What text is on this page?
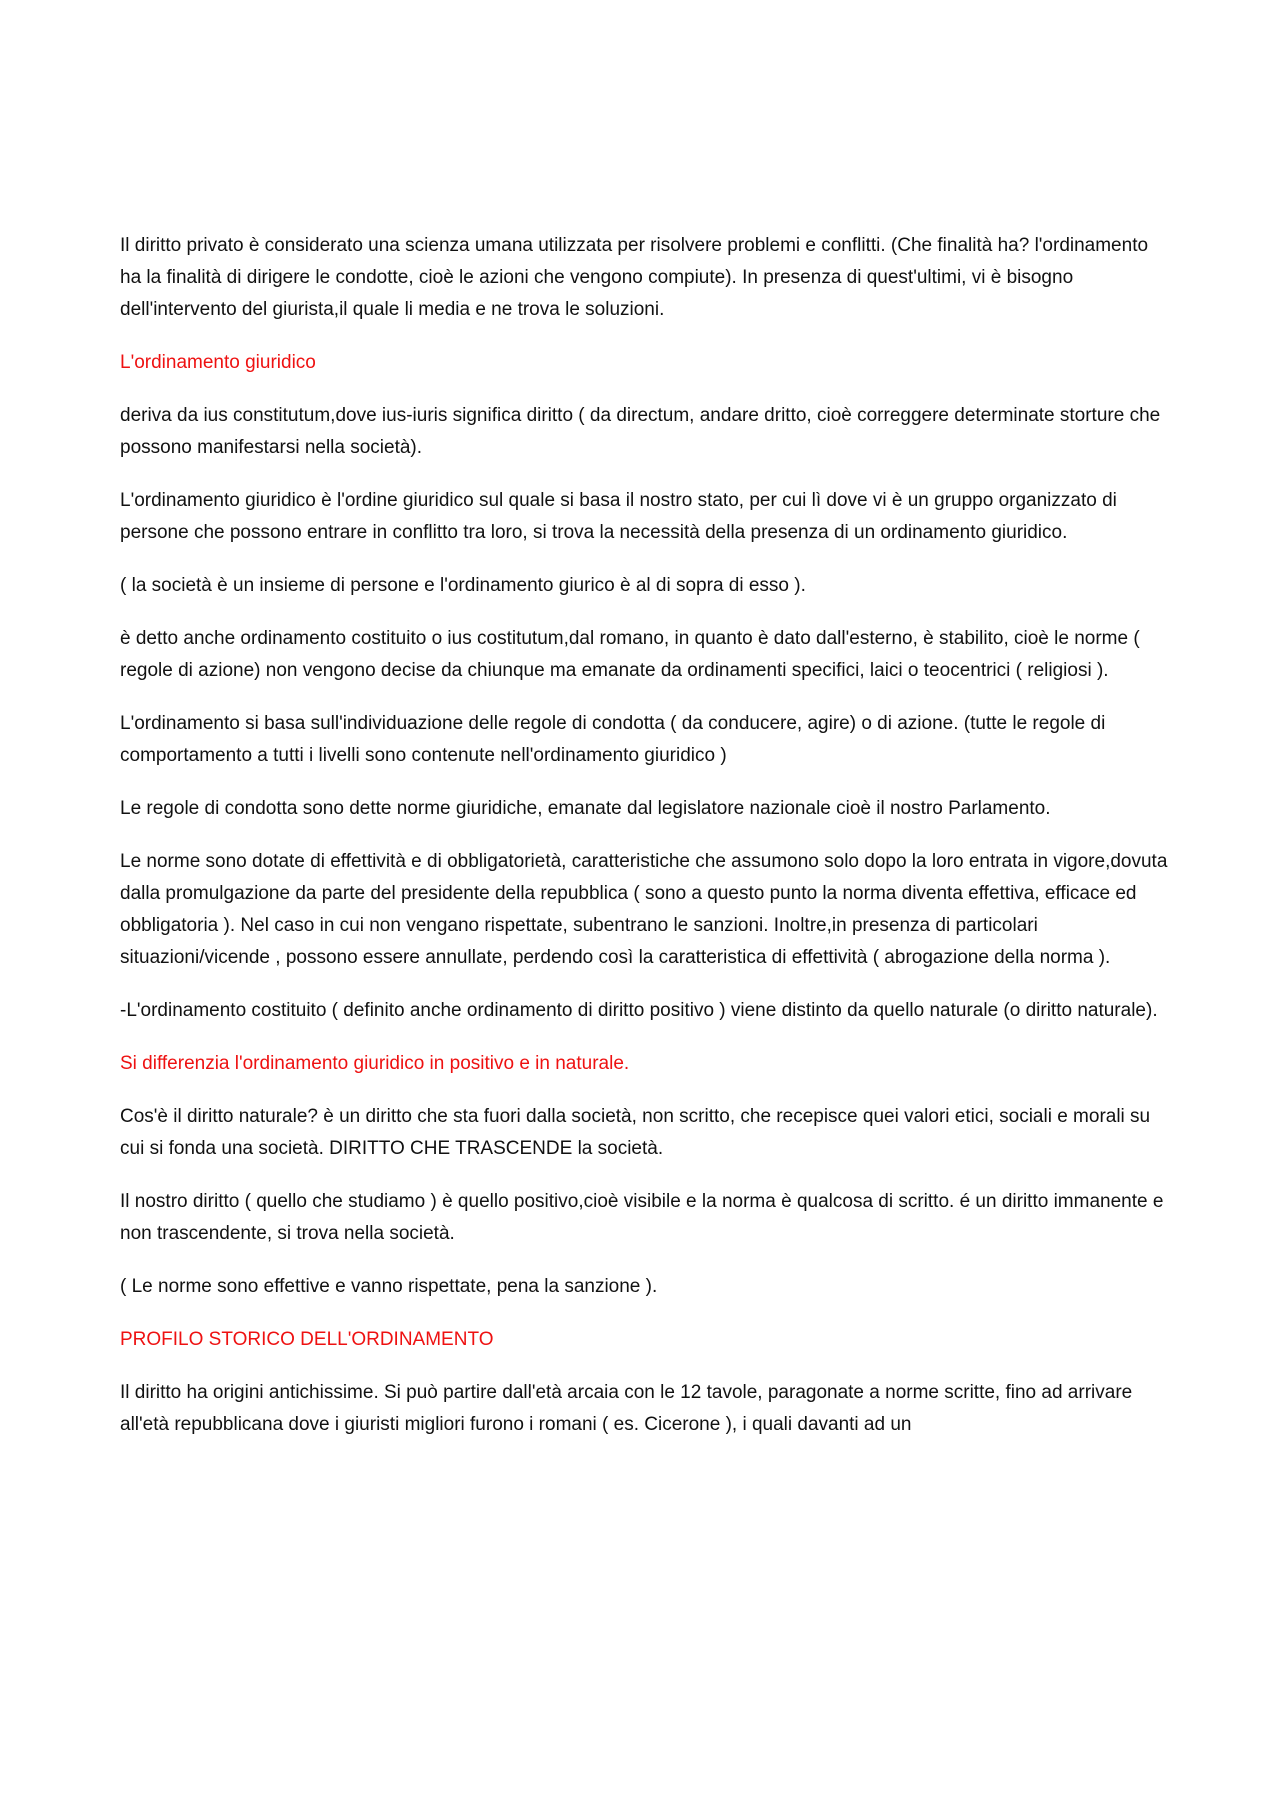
Il diritto privato è considerato una scienza umana utilizzata per risolvere problemi e conflitti. (Che finalità ha? l'ordinamento ha la finalità di dirigere le condotte, cioè le azioni che vengono compiute). In presenza di quest'ultimi, vi è bisogno dell'intervento del giurista,il quale li media e ne trova le soluzioni.

L'ordinamento giuridico

deriva da ius constitutum,dove ius-iuris significa diritto ( da directum, andare dritto, cioè correggere determinate storture che possono manifestarsi nella società).

L'ordinamento giuridico è l'ordine giuridico sul quale si basa il nostro stato, per cui lì dove vi è un gruppo organizzato di persone che possono entrare in conflitto tra loro, si trova la necessità della presenza di un ordinamento giuridico.

( la società è un insieme di persone e l'ordinamento giurico è al di sopra di esso ).

è detto anche ordinamento costituito o ius costitutum,dal romano, in quanto è dato dall'esterno, è stabilito, cioè le norme ( regole di azione) non vengono decise da chiunque ma emanate da ordinamenti specifici, laici o teocentrici ( religiosi ).

L'ordinamento si basa sull'individuazione delle regole di condotta ( da conducere, agire) o di azione. (tutte le regole di comportamento a tutti i livelli sono contenute nell'ordinamento giuridico )

Le regole di condotta sono dette norme giuridiche, emanate dal legislatore nazionale cioè il nostro Parlamento.

Le norme sono dotate di effettività e di obbligatorietà, caratteristiche che assumono solo dopo la loro entrata in vigore,dovuta dalla promulgazione da parte del presidente della repubblica ( sono a questo punto la norma diventa effettiva, efficace ed obbligatoria ). Nel caso in cui non vengano rispettate, subentrano le sanzioni. Inoltre,in presenza di particolari situazioni/vicende , possono essere annullate, perdendo così la caratteristica di effettività ( abrogazione della norma ).

-L'ordinamento costituito ( definito anche ordinamento di diritto positivo ) viene distinto da quello naturale (o diritto naturale).

Si differenzia l'ordinamento giuridico in positivo e in naturale.

Cos'è il diritto naturale? è un diritto che sta fuori dalla società, non scritto, che recepisce quei valori etici, sociali e morali su cui si fonda una società. DIRITTO CHE TRASCENDE la società.

Il nostro diritto ( quello che studiamo ) è quello positivo,cioè visibile e la norma è qualcosa di scritto. é un diritto immanente e non trascendente, si trova nella società.

( Le norme sono effettive e vanno rispettate, pena la sanzione ).

PROFILO STORICO DELL'ORDINAMENTO

Il diritto ha origini antichissime. Si può partire dall'età arcaia con le 12 tavole, paragonate a norme scritte, fino ad arrivare all'età repubblicana dove i giuristi migliori furono i romani ( es. Cicerone ), i quali davanti ad un
